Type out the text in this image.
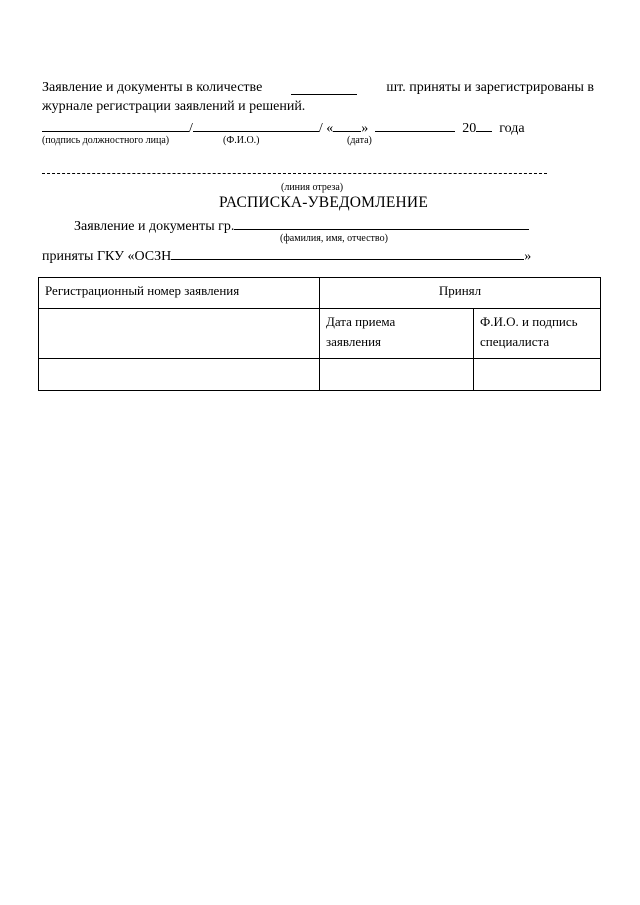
Заявление и документы в количестве	шт. приняты и зарегистрированы в
журнале регистрации заявлений и решений.
/	/ « »	20 года
(подпись должностного лица)	(Ф.И.О.)	(дата)
(линия отреза)
РАСПИСКА-УВЕДОМЛЕНИЕ
Заявление и документы гр.
(фамилия, имя, отчество)
приняты ГКУ «ОСЗН	»
Регистрационный номер заявления	Принял	
	Дата приема заявления	Ф.И.О. и подпись специалиста
